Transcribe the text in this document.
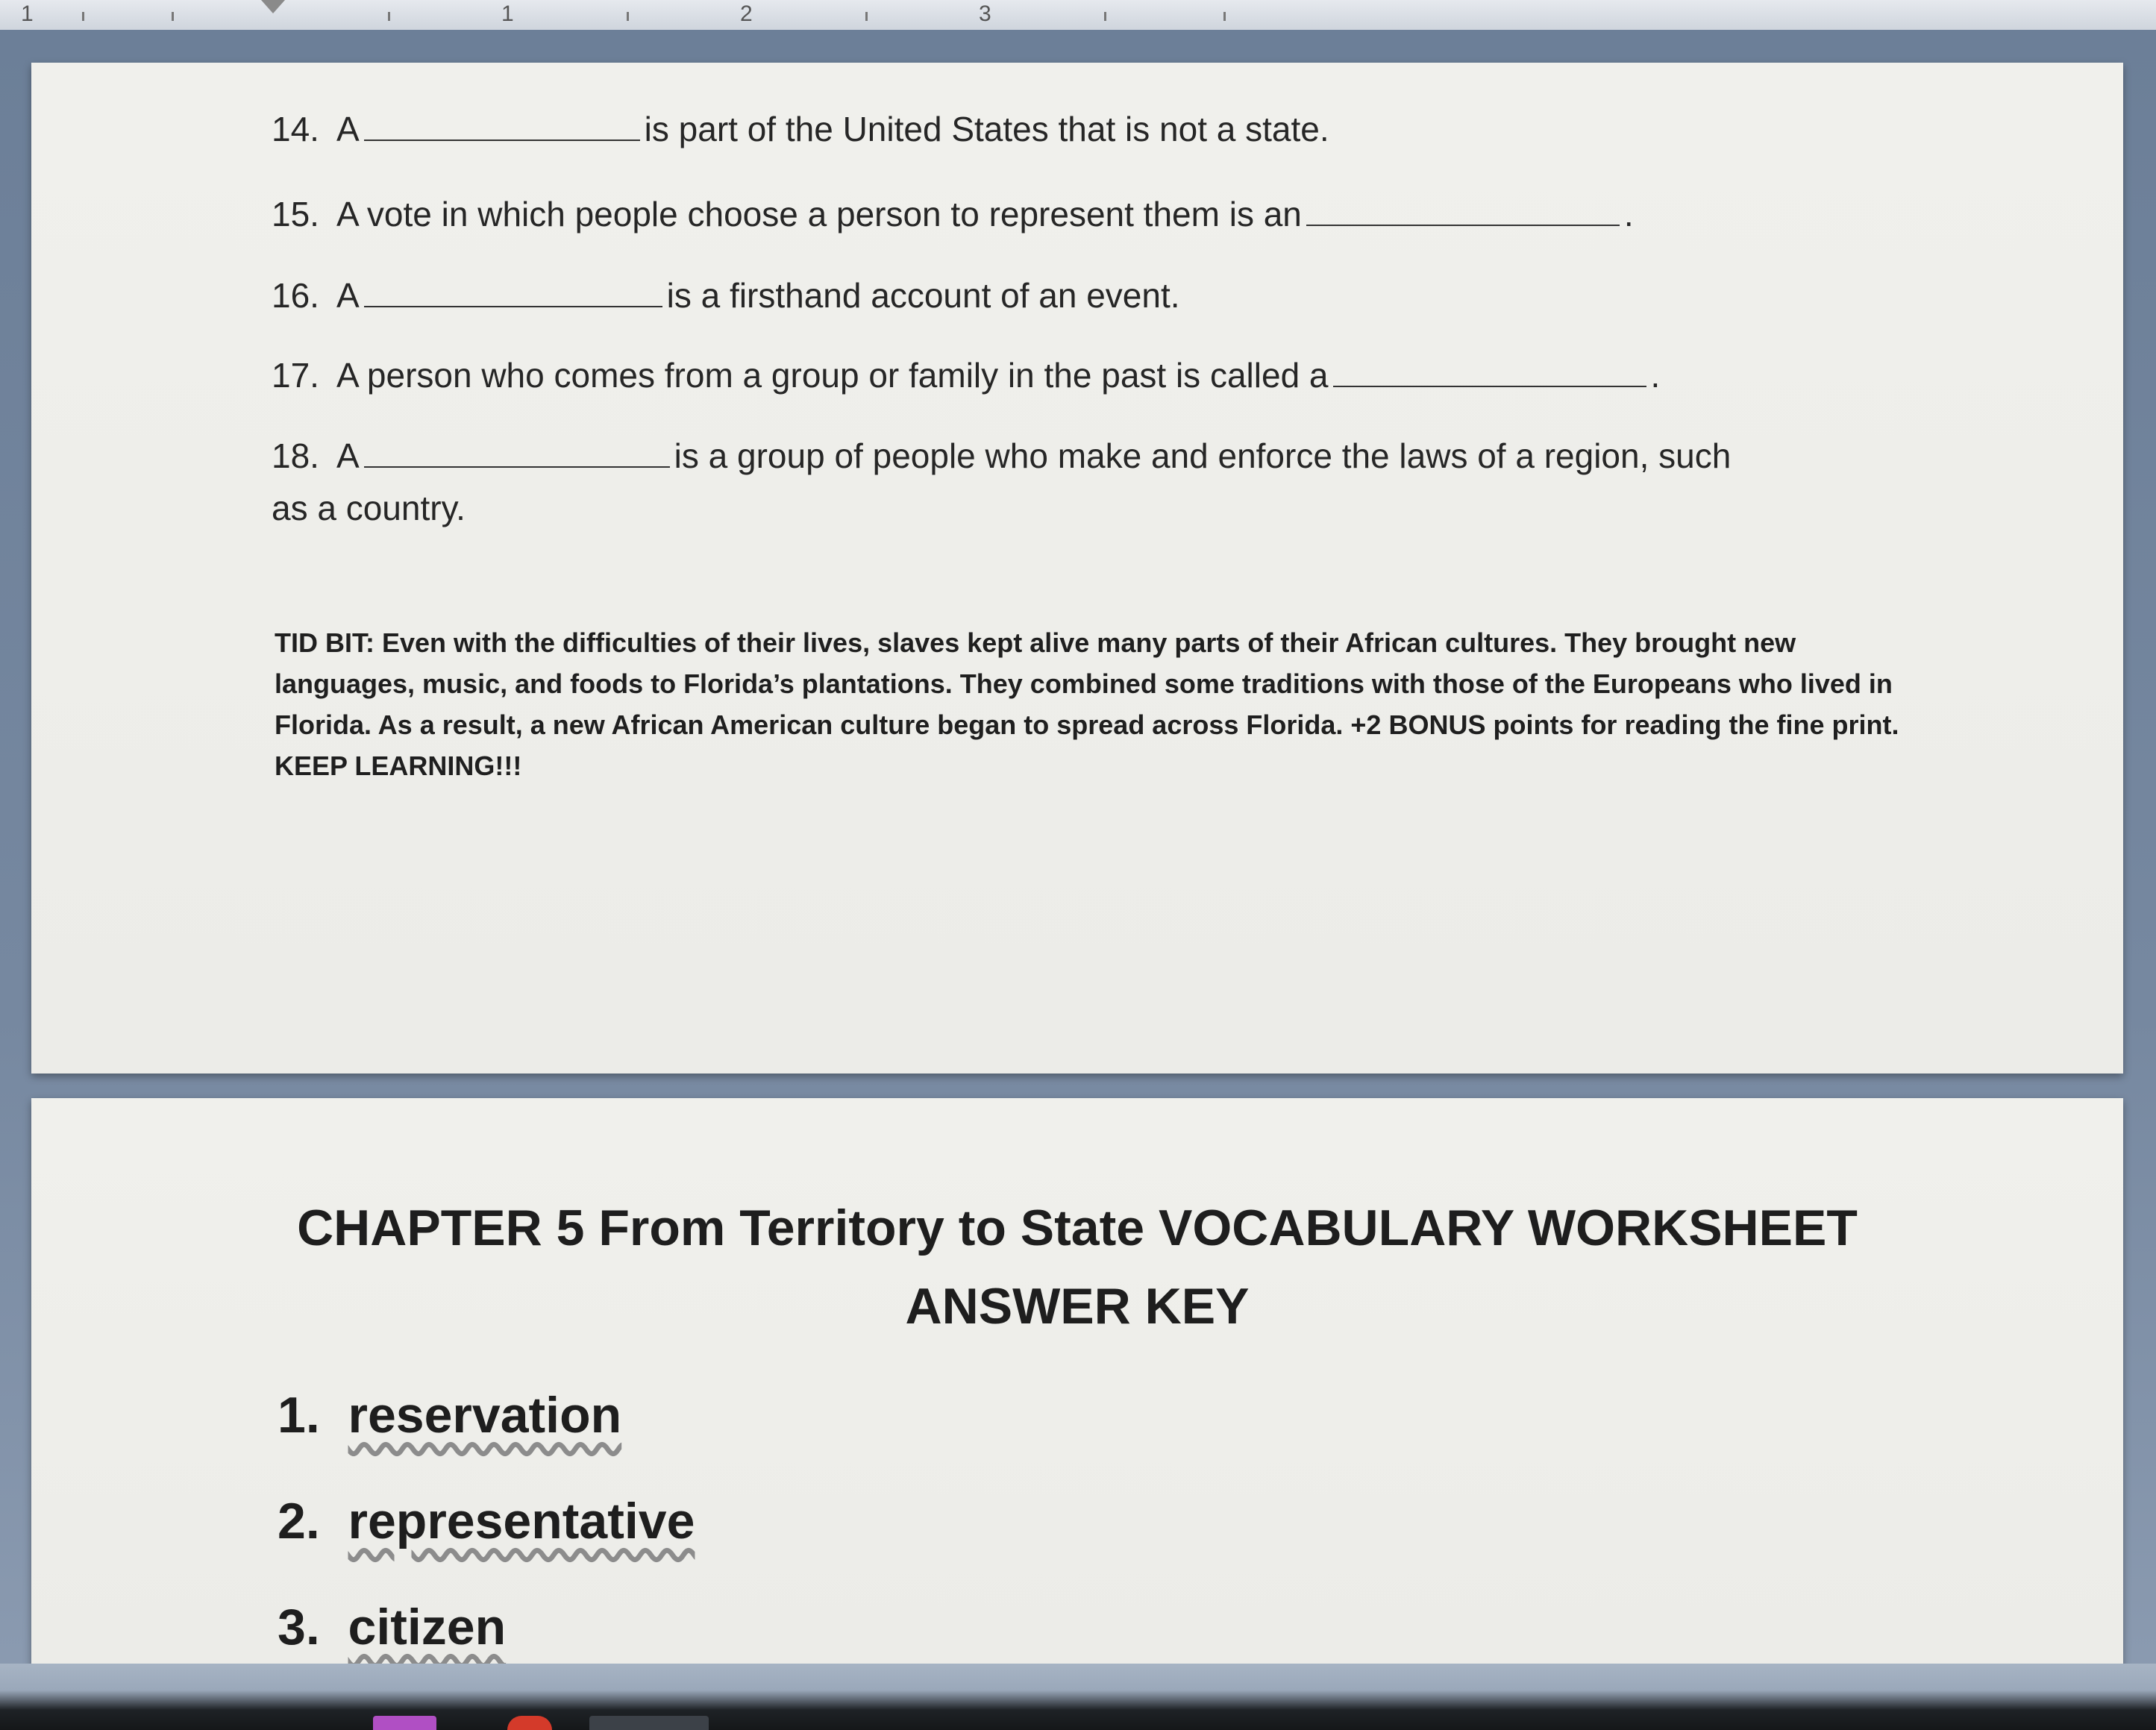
1	1	2	3
14. A	is part of the United States that is not a state.
15. A vote in which people choose a person to represent them is an	.
16. A	is a firsthand account of an event.
17. A person who comes from a group or family in the past is called a	.
18. A	is a group of people who make and enforce the laws of a region, such
as a country.
TID BIT: Even with the difficulties of their lives, slaves kept alive many parts of their African cultures. They brought new languages, music, and foods to Florida’s plantations. They combined some traditions with those of the Europeans who lived in Florida. As a result, a new African American culture began to spread across Florida. +2 BONUS points for reading the fine print. KEEP LEARNING!!!
CHAPTER 5 From Territory to State VOCABULARY WORKSHEET
ANSWER KEY
1. reservation
2. representative
3. citizen
